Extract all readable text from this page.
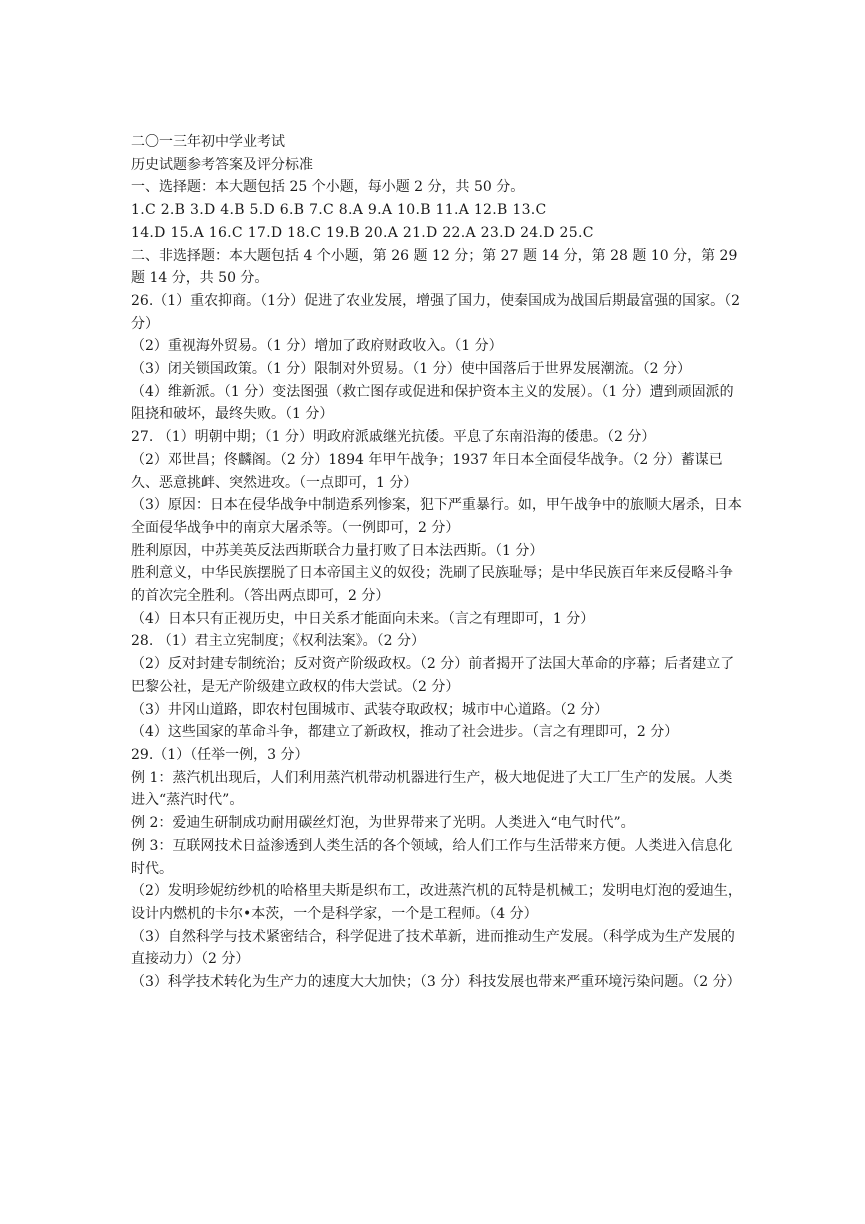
二〇一三年初中学业考试
历史试题参考答案及评分标准
一、选择题：本大题包括 25 个小题，每小题 2 分，共 50 分。
1.C 2.B 3.D 4.B 5.D 6.B 7.C 8.A 9.A 10.B 11.A 12.B 13.C
14.D 15.A 16.C 17.D 18.C 19.B 20.A 21.D 22.A 23.D 24.D 25.C
二、非选择题：本大题包括 4 个小题，第 26 题 12 分；第 27 题 14 分，第 28 题 10 分，第 29 题 14 分，共 50 分。
26.（1）重农抑商。（1分）促进了农业发展，增强了国力，使秦国成为战国后期最富强的国家。（2 分）
（2）重视海外贸易。（1 分）增加了政府财政收入。（1 分）
（3）闭关锁国政策。（1 分）限制对外贸易。（1 分）使中国落后于世界发展潮流。（2 分）
（4）维新派。（1 分）变法图强（救亡图存或促进和保护资本主义的发展）。（1 分）遭到顽固派的阻挠和破坏，最终失败。（1 分）
27. （1）明朝中期；（1 分）明政府派戚继光抗倭。平息了东南沿海的倭患。（2 分）
（2）邓世昌；佟麟阁。（2 分）1894 年甲午战争；1937 年日本全面侵华战争。（2 分）蓄谋已久、恶意挑衅、突然进攻。（一点即可，1 分）
（3）原因：日本在侵华战争中制造系列惨案，犯下严重暴行。如，甲午战争中的旅顺大屠杀，日本全面侵华战争中的南京大屠杀等。（一例即可，2 分）
胜利原因，中苏美英反法西斯联合力量打败了日本法西斯。（1 分）
胜利意义，中华民族摆脱了日本帝国主义的奴役；洗刷了民族耻辱；是中华民族百年来反侵略斗争的首次完全胜利。（答出两点即可，2 分）
（4）日本只有正视历史，中日关系才能面向未来。（言之有理即可，1 分）
28. （1）君主立宪制度；《权利法案》。（2 分）
（2）反对封建专制统治；反对资产阶级政权。（2 分）前者揭开了法国大革命的序幕；后者建立了巴黎公社，是无产阶级建立政权的伟大尝试。（2 分）
（3）井冈山道路，即农村包围城市、武装夺取政权；城市中心道路。（2 分）
（4）这些国家的革命斗争，都建立了新政权，推动了社会进步。（言之有理即可，2 分）
29.（1）（任举一例，3 分）
例 1：蒸汽机出现后，人们利用蒸汽机带动机器进行生产，极大地促进了大工厂生产的发展。人类进入“蒸汽时代”。
例 2：爱迪生研制成功耐用碳丝灯泡，为世界带来了光明。人类进入“电气时代”。
例 3：互联网技术日益渗透到人类生活的各个领域，给人们工作与生活带来方便。人类进入信息化时代。
（2）发明珍妮纺纱机的哈格里夫斯是织布工，改进蒸汽机的瓦特是机械工；发明电灯泡的爱迪生，设计内燃机的卡尔•本茨，一个是科学家，一个是工程师。（4 分）
（3）自然科学与技术紧密结合，科学促进了技术革新，进而推动生产发展。（科学成为生产发展的直接动力）（2 分）
（3）科学技术转化为生产力的速度大大加快；（3 分）科技发展也带来严重环境污染问题。（2 分）
